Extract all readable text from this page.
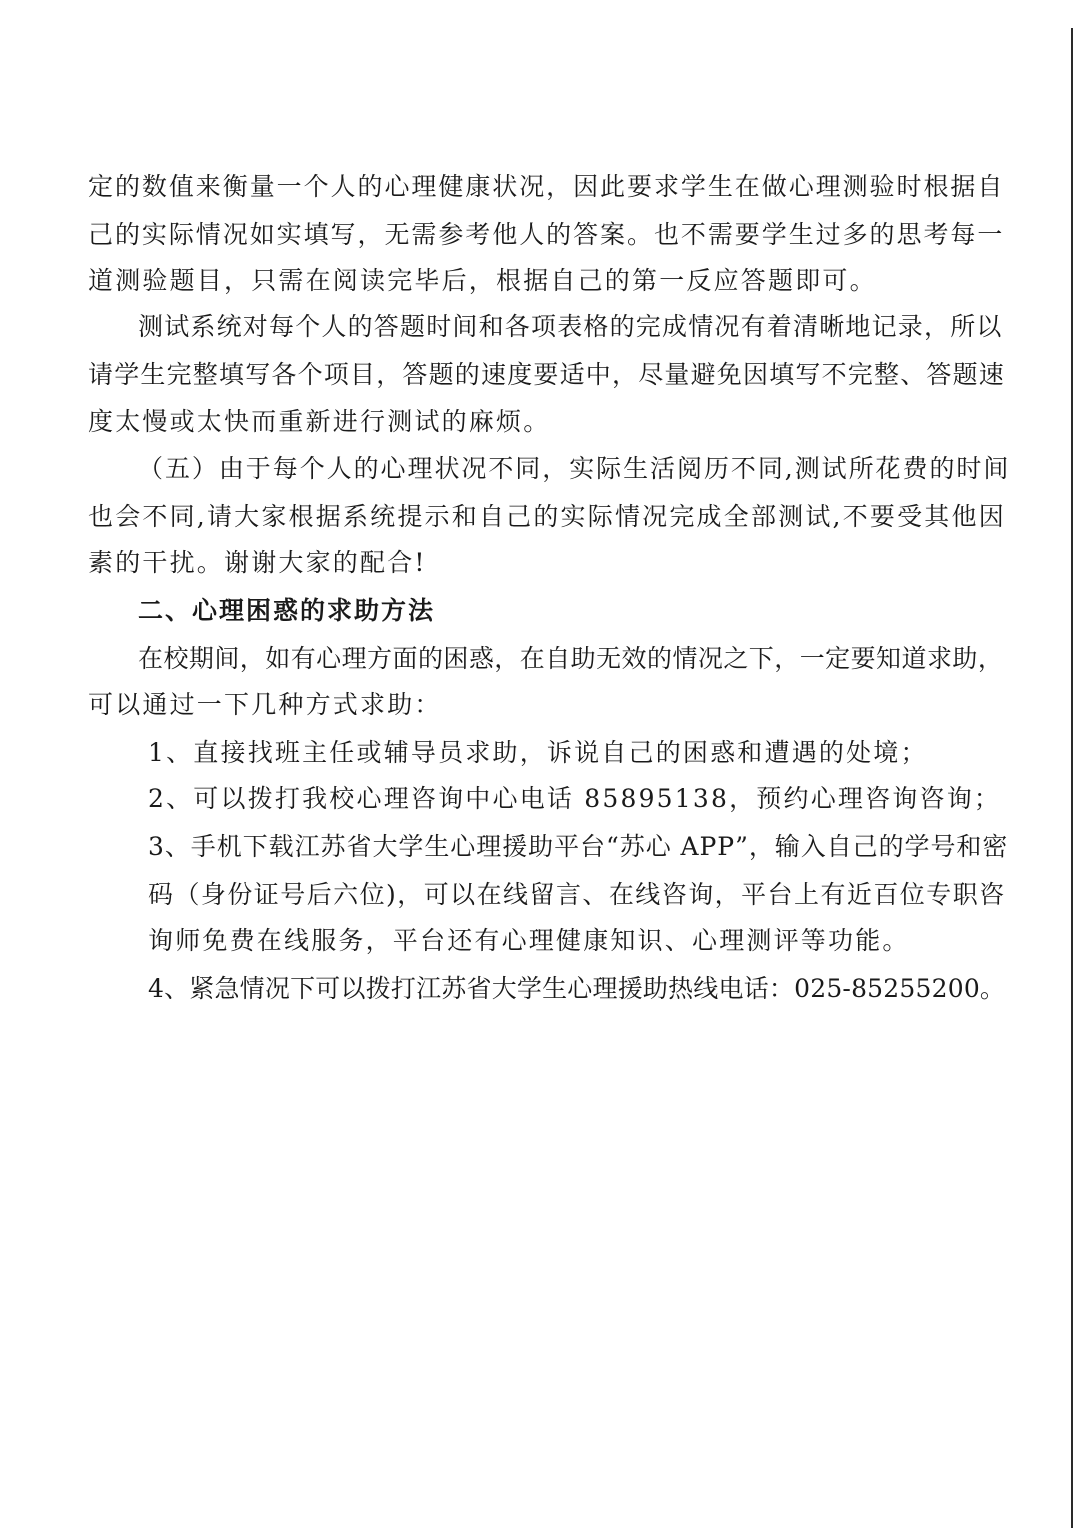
定的数值来衡量一个人的心理健康状况，因此要求学生在做心理测验时根据自
己的实际情况如实填写，无需参考他人的答案。也不需要学生过多的思考每一
道测验题目，只需在阅读完毕后，根据自己的第一反应答题即可。
测试系统对每个人的答题时间和各项表格的完成情况有着清晰地记录，所以
请学生完整填写各个项目，答题的速度要适中，尽量避免因填写不完整、答题速
度太慢或太快而重新进行测试的麻烦。
（五）由于每个人的心理状况不同，实际生活阅历不同,测试所花费的时间
也会不同,请大家根据系统提示和自己的实际情况完成全部测试,不要受其他因
素的干扰。谢谢大家的配合!
二、心理困惑的求助方法
在校期间，如有心理方面的困惑，在自助无效的情况之下，一定要知道求助，
可以通过一下几种方式求助：
1、直接找班主任或辅导员求助，诉说自己的困惑和遭遇的处境；
2、可以拨打我校心理咨询中心电话 85895138，预约心理咨询咨询；
3、手机下载江苏省大学生心理援助平台“苏心 APP”，输入自己的学号和密
码（身份证号后六位)，可以在线留言、在线咨询，平台上有近百位专职咨
询师免费在线服务，平台还有心理健康知识、心理测评等功能。
4、紧急情况下可以拨打江苏省大学生心理援助热线电话：025-85255200。
